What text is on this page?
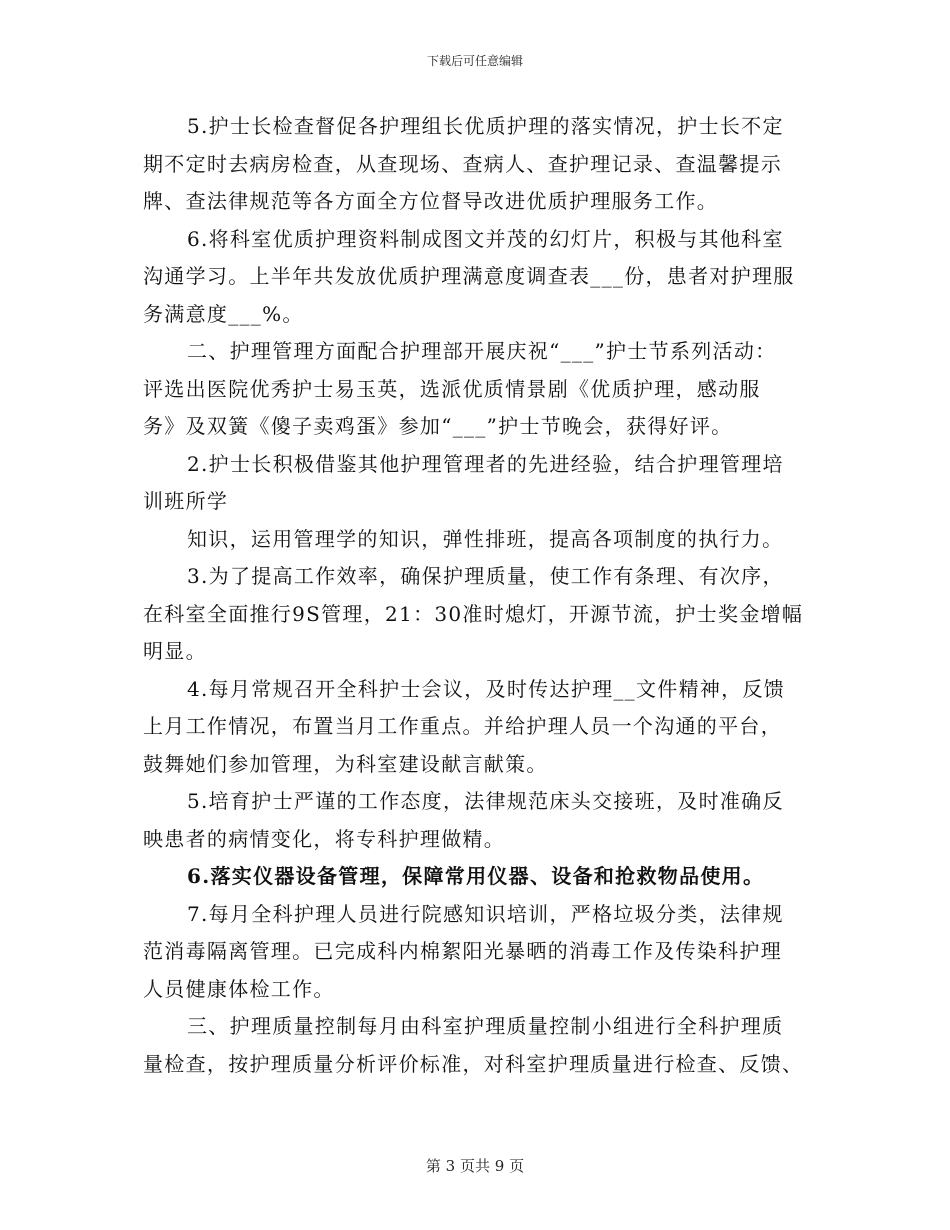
下载后可任意编辑
5.护士长检查督促各护理组长优质护理的落实情况，护士长不定
期不定时去病房检查，从查现场、查病人、查护理记录、查温馨提示
牌、查法律规范等各方面全方位督导改进优质护理服务工作。
6.将科室优质护理资料制成图文并茂的幻灯片，积极与其他科室
沟通学习。上半年共发放优质护理满意度调查表___份，患者对护理服
务满意度___%。
二、护理管理方面配合护理部开展庆祝“___”护士节系列活动：
评选出医院优秀护士易玉英，选派优质情景剧《优质护理，感动服
务》及双簧《傻子卖鸡蛋》参加“___”护士节晚会，获得好评。
2.护士长积极借鉴其他护理管理者的先进经验，结合护理管理培
训班所学
知识，运用管理学的知识，弹性排班，提高各项制度的执行力。
3.为了提高工作效率，确保护理质量，使工作有条理、有次序，
在科室全面推行9S管理，21：30准时熄灯，开源节流，护士奖金增幅
明显。
4.每月常规召开全科护士会议，及时传达护理__文件精神，反馈
上月工作情况，布置当月工作重点。并给护理人员一个沟通的平台，
鼓舞她们参加管理，为科室建设献言献策。
5.培育护士严谨的工作态度，法律规范床头交接班，及时准确反
映患者的病情变化，将专科护理做精。
6.落实仪器设备管理，保障常用仪器、设备和抢救物品使用。
7.每月全科护理人员进行院感知识培训，严格垃圾分类，法律规
范消毒隔离管理。已完成科内棉絮阳光暴晒的消毒工作及传染科护理
人员健康体检工作。
三、护理质量控制每月由科室护理质量控制小组进行全科护理质
量检查，按护理质量分析评价标准，对科室护理质量进行检查、反馈、
第 3 页共 9 页
